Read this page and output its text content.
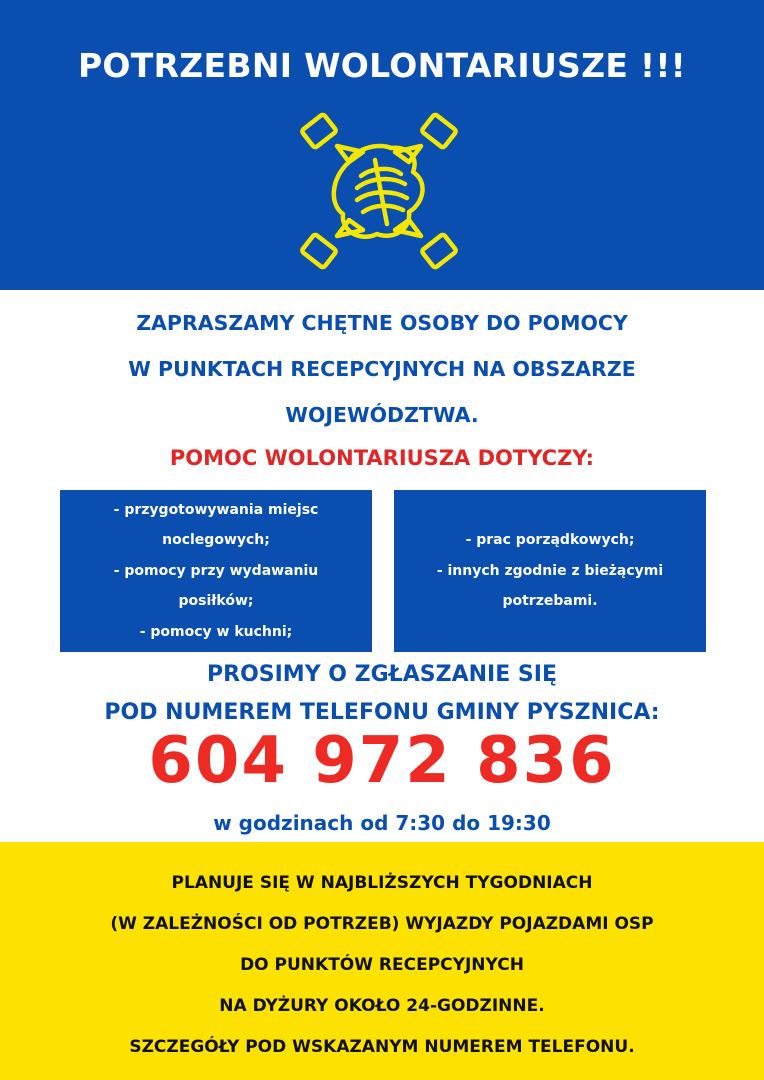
POTRZEBNI WOLONTARIUSZE !!!
ZAPRASZAMY CHĘTNE OSOBY DO POMOCY
W PUNKTACH RECEPCYJNYCH NA OBSZARZE
WOJEWÓDZTWA.
POMOC WOLONTARIUSZA DOTYCZY:
- przygotowywania miejsc
noclegowych;
- pomocy przy wydawaniu
posiłków;
- pomocy w kuchni;
- prac porządkowych;
- innych zgodnie z bieżącymi
potrzebami.
PROSIMY O ZGŁASZANIE SIĘ
POD NUMEREM TELEFONU GMINY PYSZNICA:
604 972 836
w godzinach od 7:30 do 19:30
PLANUJE SIĘ W NAJBLIŻSZYCH TYGODNIACH
(W ZALEŻNOŚCI OD POTRZEB) WYJAZDY POJAZDAMI OSP
DO PUNKTÓW RECEPCYJNYCH
NA DYŻURY OKOŁO 24-GODZINNE.
SZCZEGÓŁY POD WSKAZANYM NUMEREM TELEFONU.
